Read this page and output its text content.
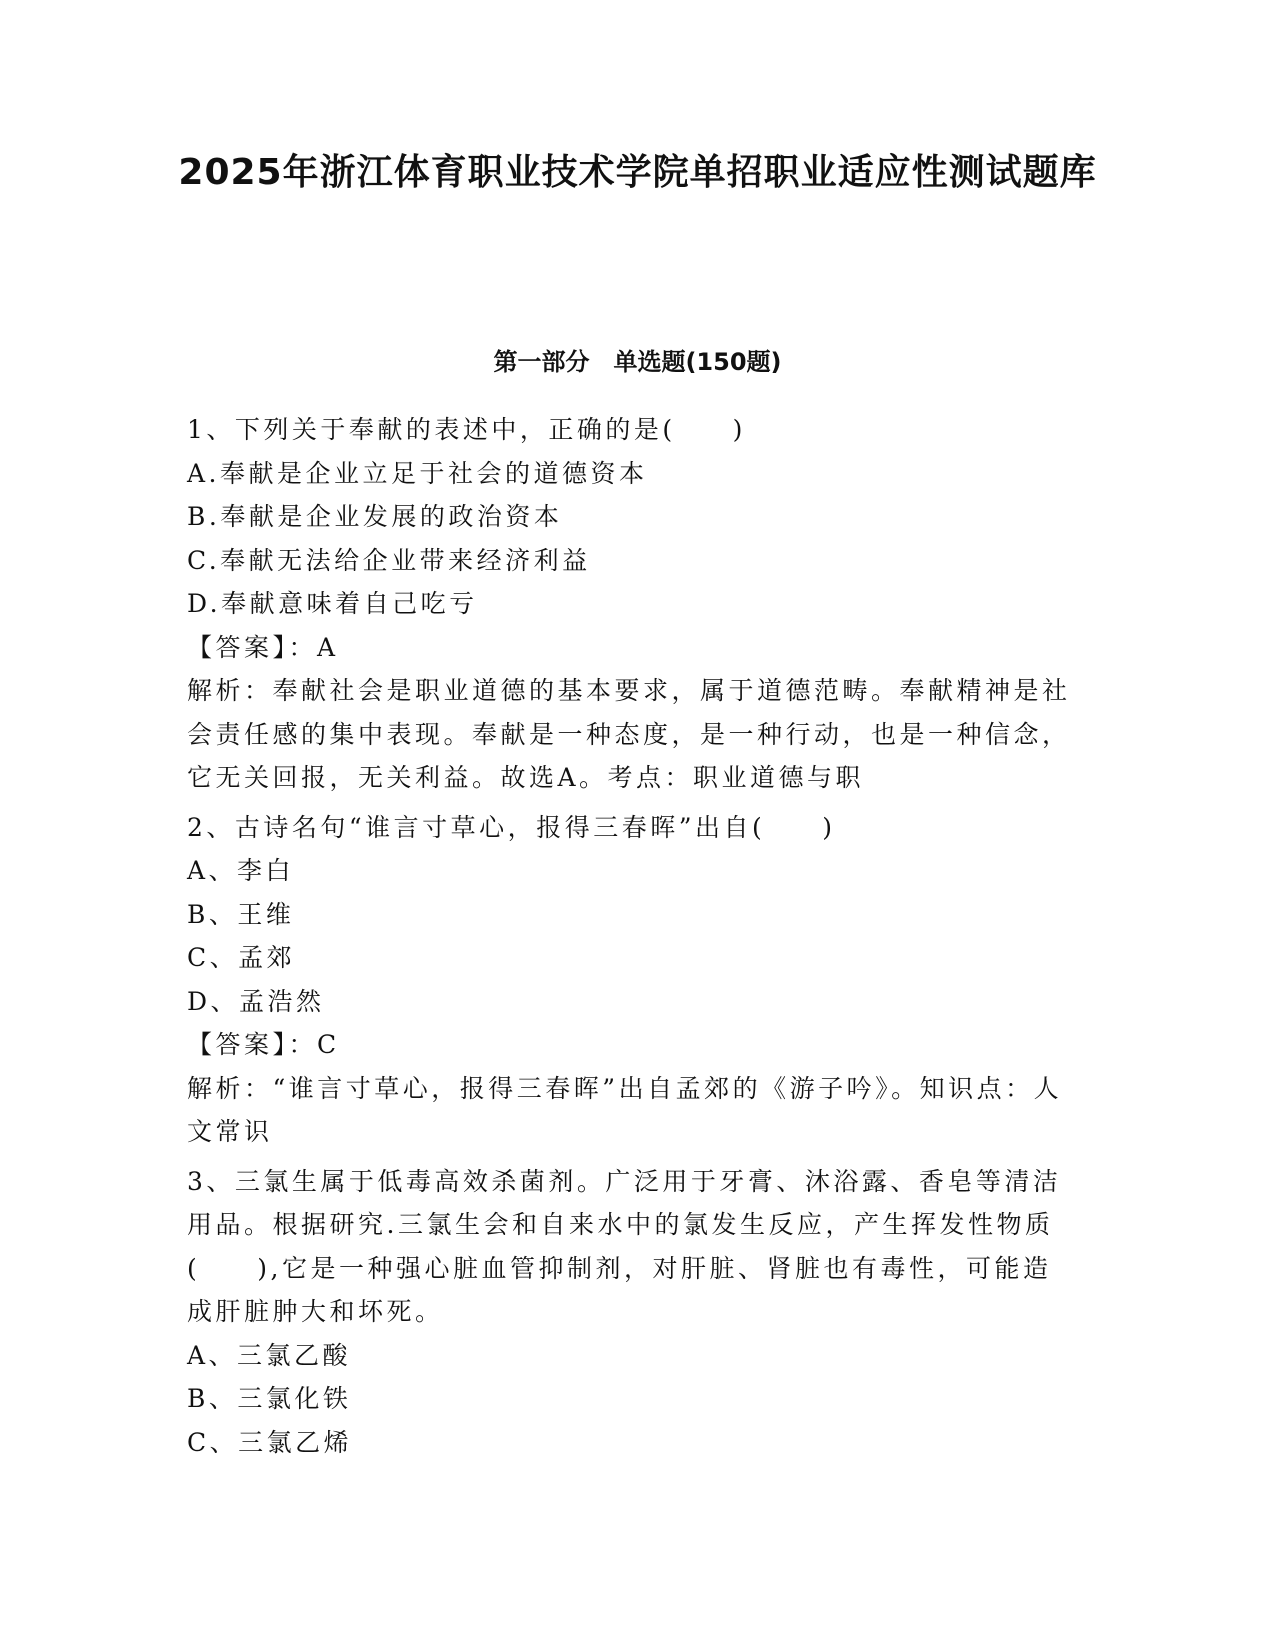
2025年浙江体育职业技术学院单招职业适应性测试题库
第一部分　单选题(150题)

1、下列关于奉献的表述中，正确的是(　　)

A.奉献是企业立足于社会的道德资本

B.奉献是企业发展的政治资本

C.奉献无法给企业带来经济利益

D.奉献意味着自己吃亏

【答案】：A

解析：奉献社会是职业道德的基本要求，属于道德范畴。奉献精神是社会责任感的集中表现。奉献是一种态度，是一种行动，也是一种信念，它无关回报，无关利益。故选A。考点：职业道德与职

2、古诗名句“谁言寸草心，报得三春晖”出自(　　)

A、李白

B、王维

C、孟郊

D、孟浩然

【答案】：C

解析：“谁言寸草心，报得三春晖”出自孟郊的《游子吟》。知识点：人文常识

3、三氯生属于低毒高效杀菌剂。广泛用于牙膏、沐浴露、香皂等清洁用品。根据研究.三氯生会和自来水中的氯发生反应，产生挥发性物质(　　),它是一种强心脏血管抑制剂，对肝脏、肾脏也有毒性，可能造成肝脏肿大和坏死。

A、三氯乙酸

B、三氯化铁

C、三氯乙烯
